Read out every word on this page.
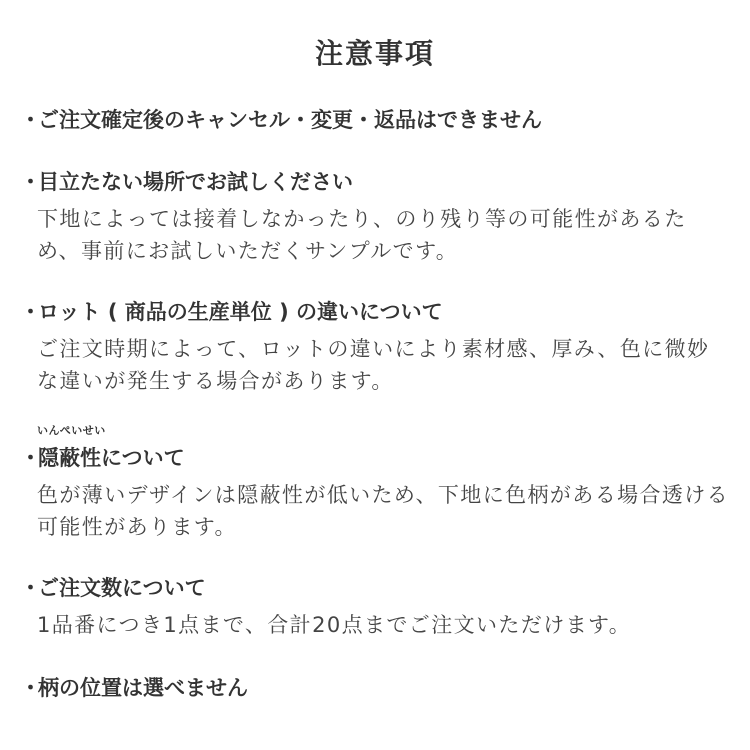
注意事項
・ご注文確定後のキャンセル・変更・返品はできません
・目立たない場所でお試しください
下地によっては接着しなかったり、のり残り等の可能性があるため、事前にお試しいただくサンプルです。
・ロット ( 商品の生産単位 ) の違いについて
ご注文時期によって、ロットの違いにより素材感、厚み、色に微妙な違いが発生する場合があります。
いんぺいせい
・隠蔽性について
色が薄いデザインは隠蔽性が低いため、下地に色柄がある場合透ける可能性があります。
・ご注文数について
1品番につき1点まで、合計20点までご注文いただけます。
・柄の位置は選べません
